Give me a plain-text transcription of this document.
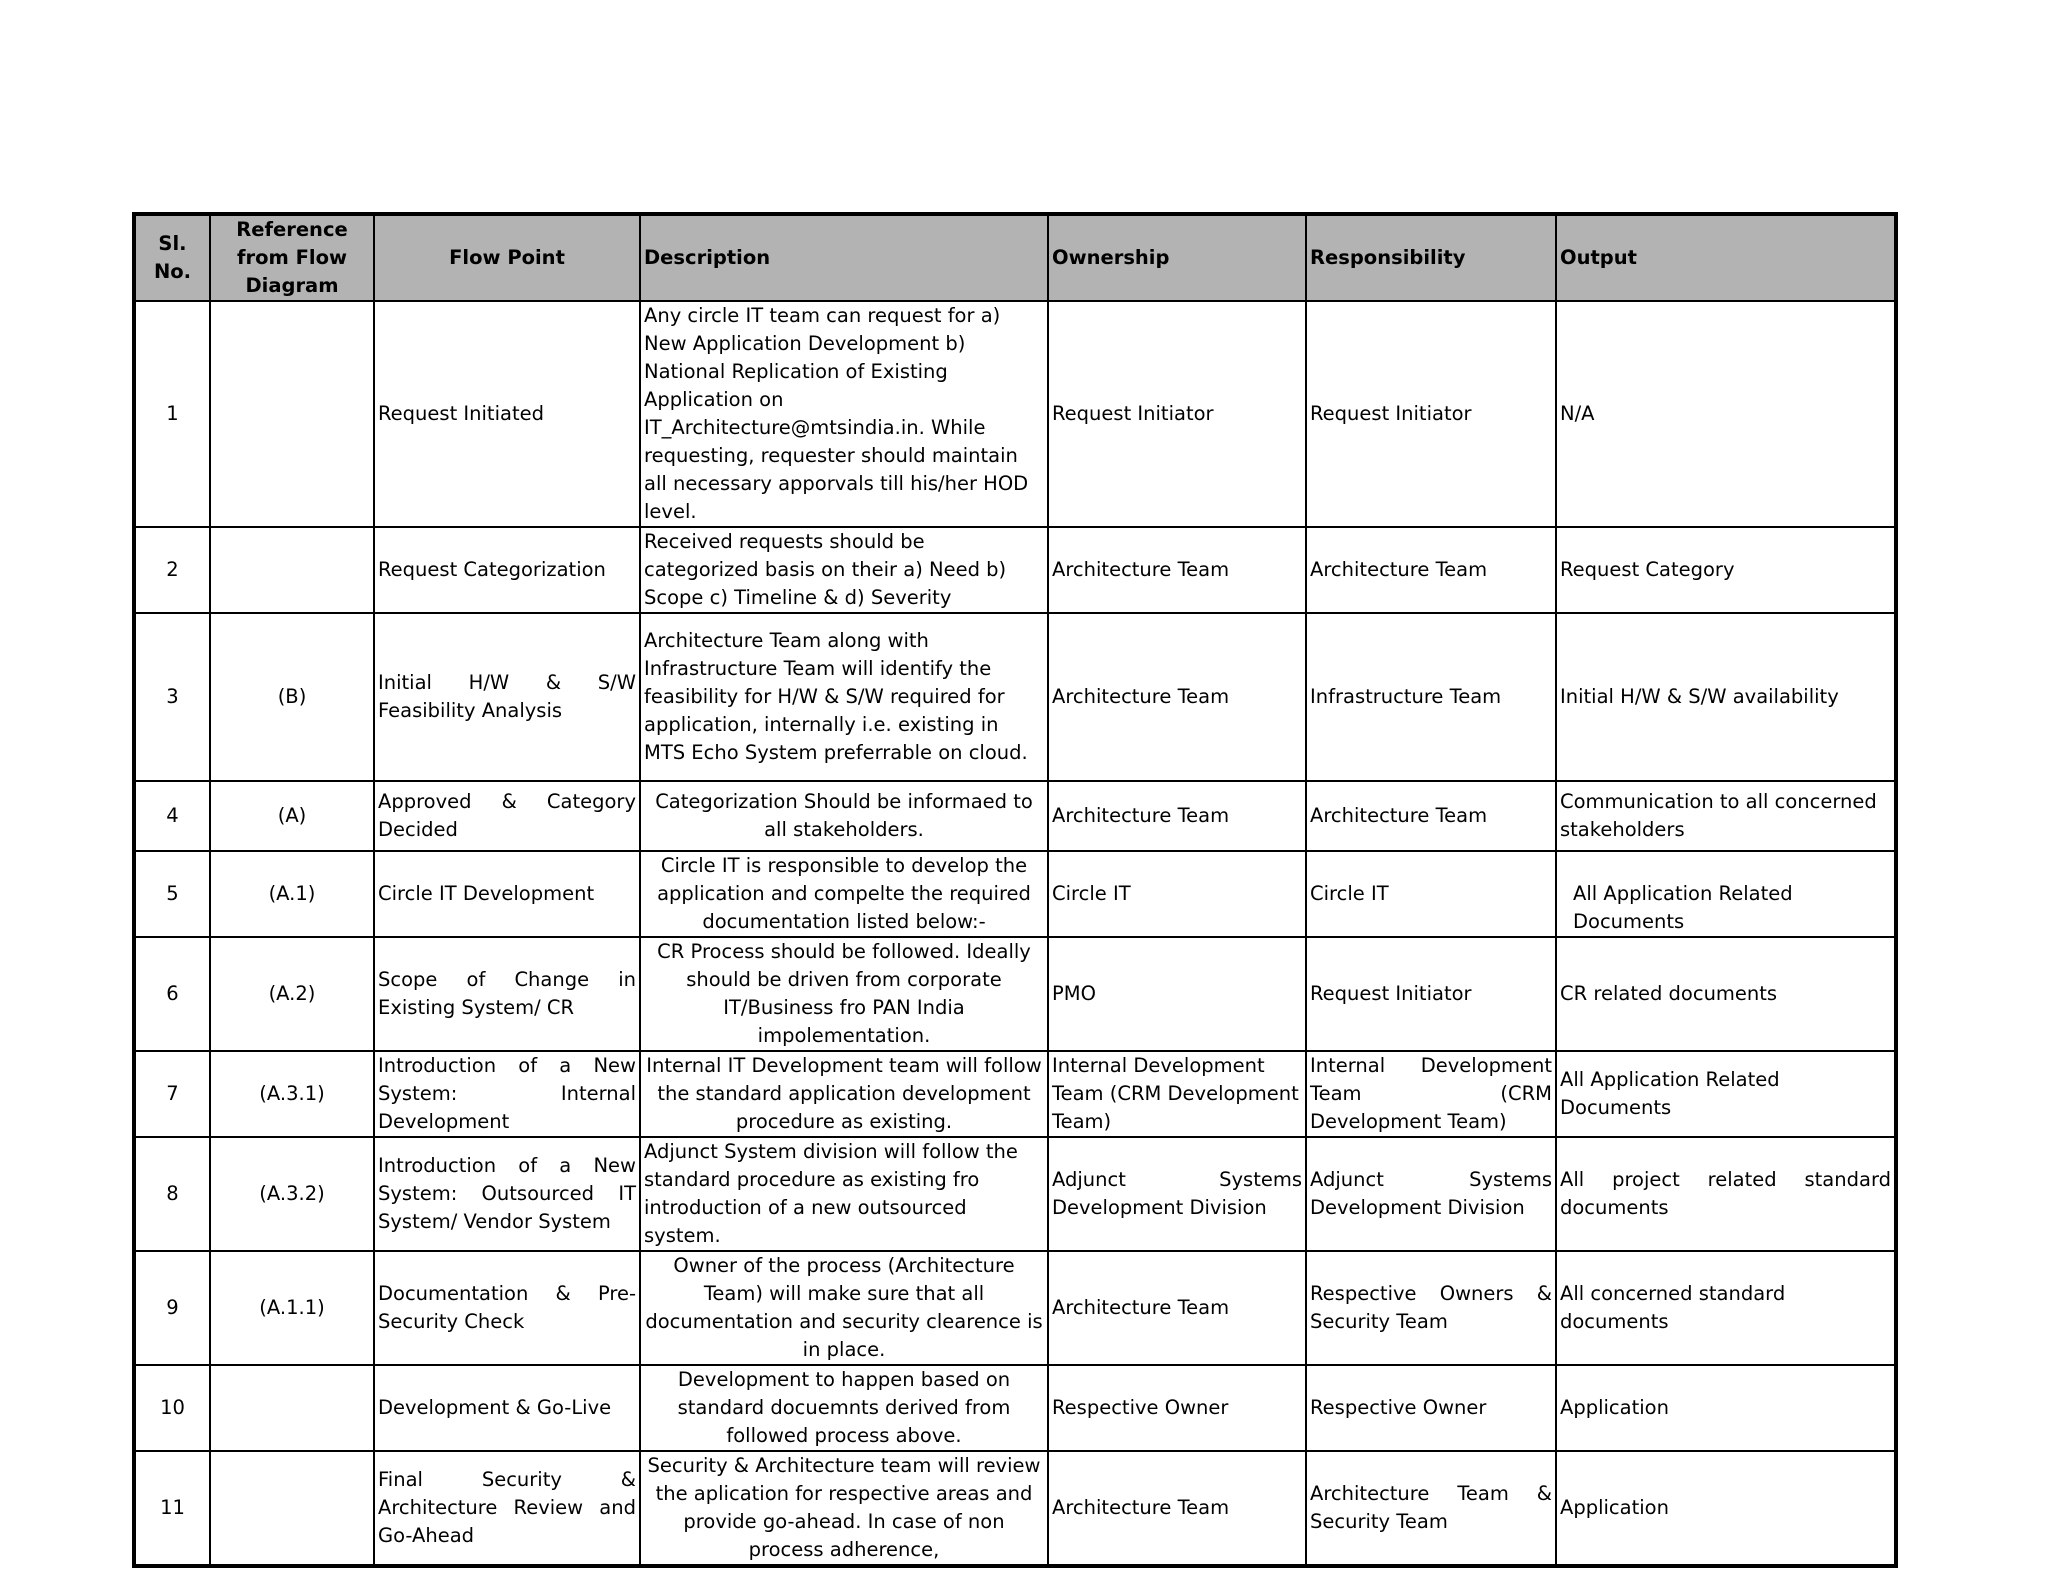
Sl. No.	Reference from Flow Diagram	Flow Point	Description	Ownership	Responsibility	Output
1		Request Initiated	Any circle IT team can request for a) New Application Development b) National Replication of Existing Application on IT_Architecture@mtsindia.in. While requesting, requester should maintain all necessary apporvals till his/her HOD level.	Request Initiator	Request Initiator	N/A
2		Request Categorization	Received requests should be categorized basis on their a) Need b) Scope c) Timeline & d) Severity	Architecture Team	Architecture Team	Request Category
3	(B)	Initial H/W & S/W Feasibility Analysis	Architecture Team along with Infrastructure Team will identify the feasibility for H/W & S/W required for application, internally i.e. existing in MTS Echo System preferrable on cloud.	Architecture Team	Infrastructure Team	Initial H/W & S/W availability
4	(A)	Approved & Category Decided	Categorization Should be informaed to all stakeholders.	Architecture Team	Architecture Team	Communication to all concerned stakeholders
5	(A.1)	Circle IT Development	Circle IT is responsible to develop the application and compelte the required documentation listed below:-	Circle IT	Circle IT	All Application Related Documents
6	(A.2)	Scope of Change in Existing System/ CR	CR Process should be followed. Ideally should be driven from corporate IT/Business fro PAN India impolementation.	PMO	Request Initiator	CR related documents
7	(A.3.1)	Introduction of a New System: Internal Development	Internal IT Development team will follow the standard application development procedure as existing.	Internal Development Team (CRM Development Team)	Internal Development Team (CRM Development Team)	All Application Related Documents
8	(A.3.2)	Introduction of a New System: Outsourced IT System/ Vendor System	Adjunct System division will follow the standard procedure as existing fro introduction of a new outsourced system.	Adjunct Systems Development Division	Adjunct Systems Development Division	All project related standard documents
9	(A.1.1)	Documentation & Pre-Security Check	Owner of the process (Architecture Team) will make sure that all documentation and security clearence is in place.	Architecture Team	Respective Owners & Security Team	All concerned standard documents
10		Development & Go-Live	Development to happen based on standard docuemnts derived from followed process above.	Respective Owner	Respective Owner	Application
11		Final Security & Architecture Review and Go-Ahead	Security & Architecture team will review the aplication for respective areas and provide go-ahead. In case of non process adherence,	Architecture Team	Architecture Team & Security Team	Application
